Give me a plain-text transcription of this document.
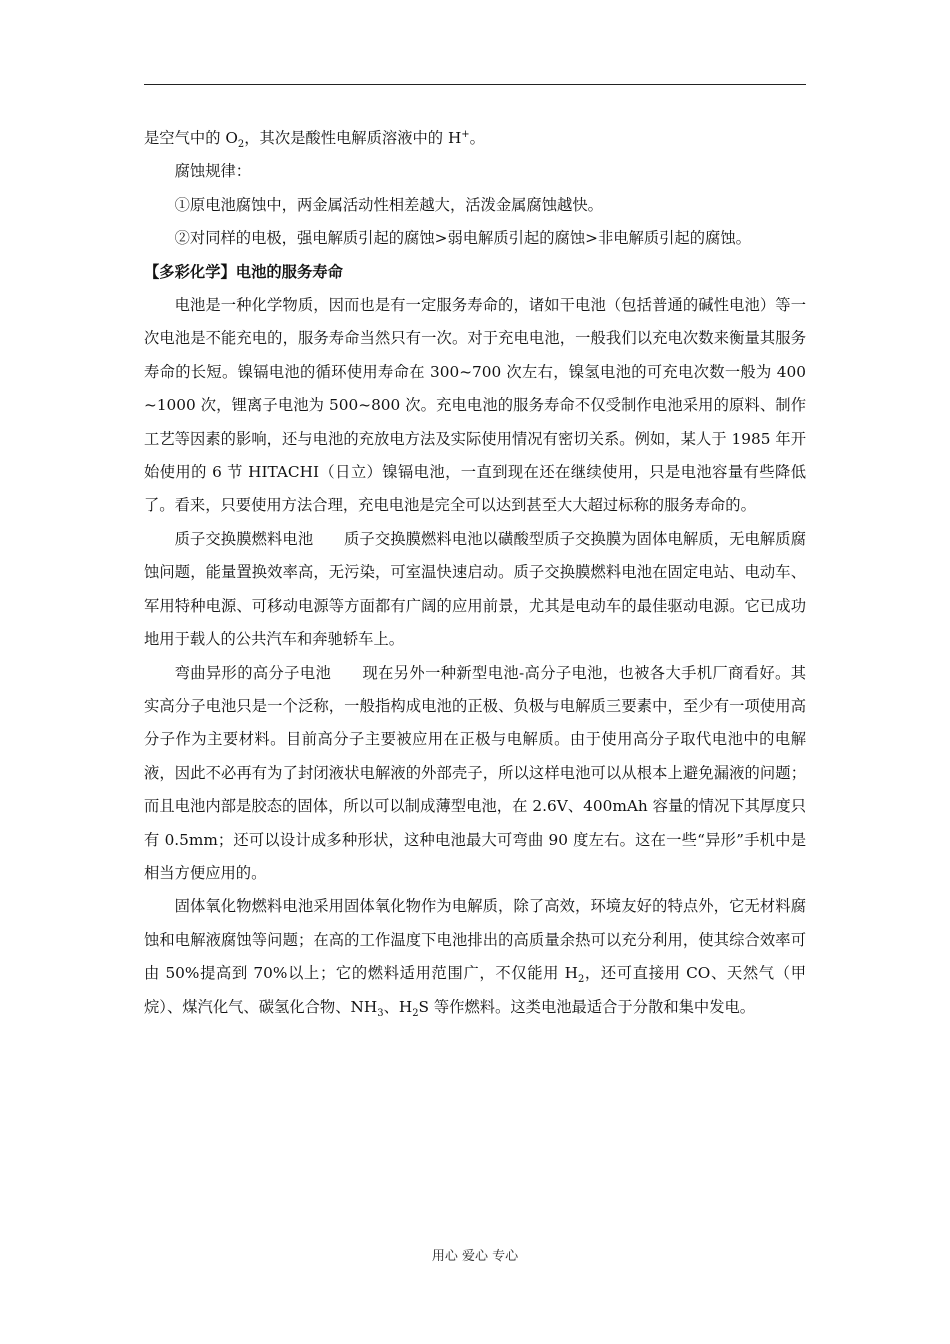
是空气中的 $O_2$，其次是酸性电解质溶液中的 H+。

腐蚀规律：

①原电池腐蚀中，两金属活动性相差越大，活泼金属腐蚀越快。

②对同样的电极，强电解质引起的腐蚀>弱电解质引起的腐蚀>非电解质引起的腐蚀。

【多彩化学】电池的服务寿命

电池是一种化学物质，因而也是有一定服务寿命的，诸如干电池（包括普通的碱性电池）等一次电池是不能充电的，服务寿命当然只有一次。对于充电电池，一般我们以充电次数来衡量其服务寿命的长短。镍镉电池的循环使用寿命在 300~700 次左右，镍氢电池的可充电次数一般为 400~1000 次，锂离子电池为 500~800 次。充电电池的服务寿命不仅受制作电池采用的原料、制作工艺等因素的影响，还与电池的充放电方法及实际使用情况有密切关系。例如，某人于 1985 年开始使用的 6 节 HITACHI（日立）镍镉电池，一直到现在还在继续使用，只是电池容量有些降低了。看来，只要使用方法合理，充电电池是完全可以达到甚至大大超过标称的服务寿命的。

质子交换膜燃料电池　　质子交换膜燃料电池以磺酸型质子交换膜为固体电解质，无电解质腐蚀问题，能量置换效率高，无污染，可室温快速启动。质子交换膜燃料电池在固定电站、电动车、军用特种电源、可移动电源等方面都有广阔的应用前景，尤其是电动车的最佳驱动电源。它已成功地用于载人的公共汽车和奔驰轿车上。

弯曲异形的高分子电池　　现在另外一种新型电池-高分子电池，也被各大手机厂商看好。其实高分子电池只是一个泛称，一般指构成电池的正极、负极与电解质三要素中，至少有一项使用高分子作为主要材料。目前高分子主要被应用在正极与电解质。由于使用高分子取代电池中的电解液，因此不必再有为了封闭液状电解液的外部壳子，所以这样电池可以从根本上避免漏液的问题；而且电池内部是胶态的固体，所以可以制成薄型电池，在 2.6V、400mAh 容量的情况下其厚度只有 0.5mm；还可以设计成多种形状，这种电池最大可弯曲 90 度左右。这在一些“异形”手机中是相当方便应用的。

固体氧化物燃料电池采用固体氧化物作为电解质，除了高效，环境友好的特点外，它无材料腐蚀和电解液腐蚀等问题；在高的工作温度下电池排出的高质量余热可以充分利用，使其综合效率可由 50%提高到 70%以上；它的燃料适用范围广，不仅能用 $H_2$，还可直接用 CO、天然气（甲烷）、煤汽化气、碳氢化合物、$NH_3$、$H_2S$ 等作燃料。这类电池最适合于分散和集中发电。

用心 爱心 专心
